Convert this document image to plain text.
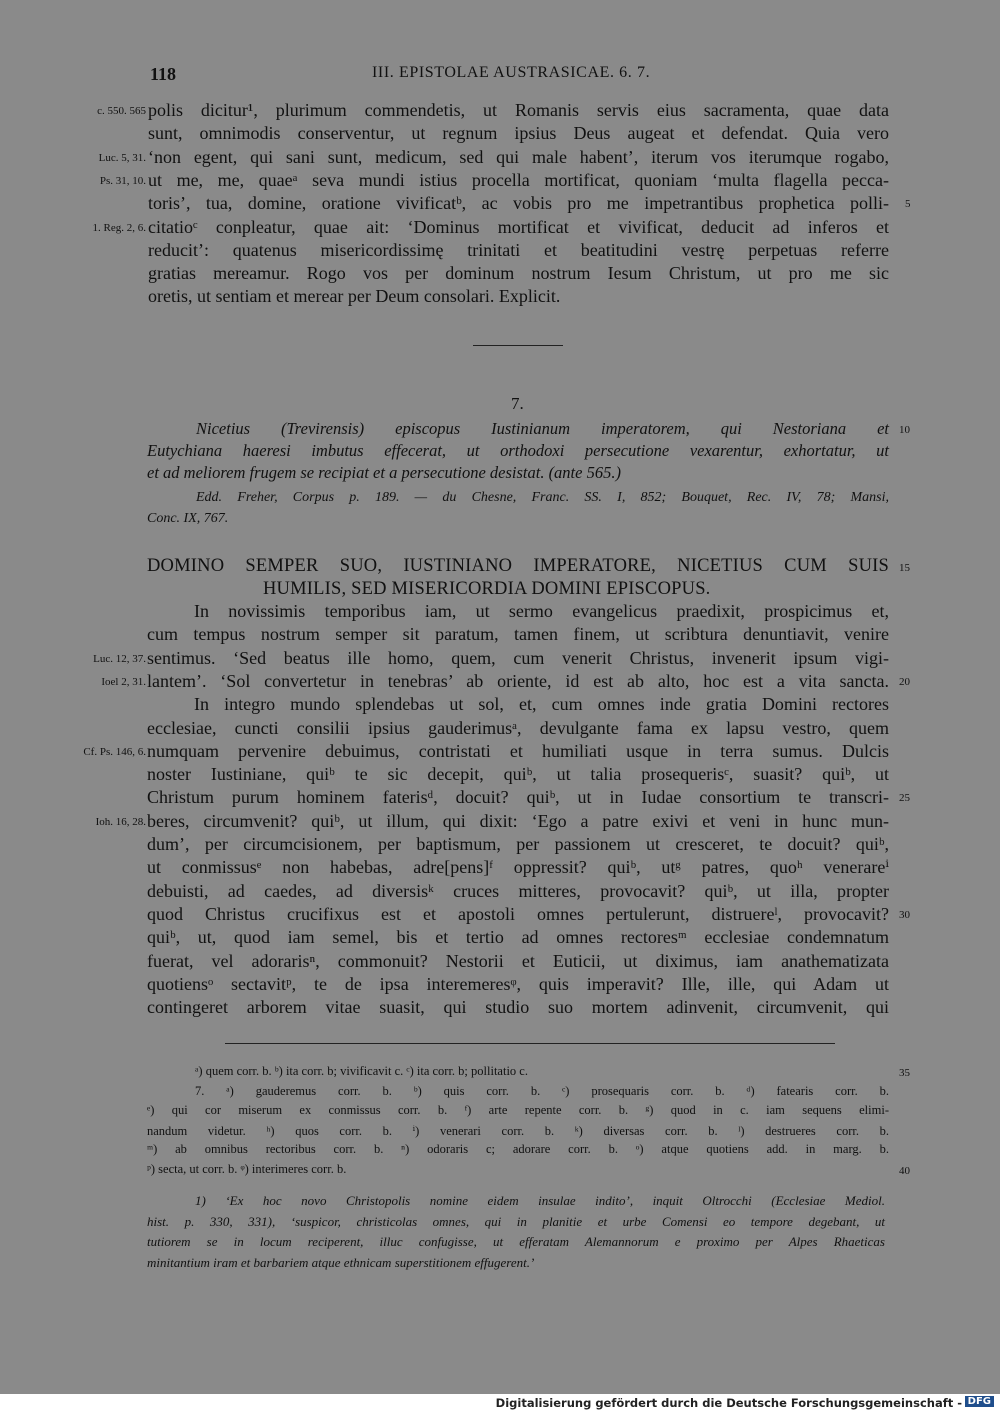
118	III. EPISTOLAE AUSTRASICAE. 6. 7.
c. 550. 565 polis dicitur¹, plurimum commendetis, ut Romanis servis eius sacramenta, quae data
sunt, omnimodis conserventur, ut regnum ipsius Deus augeat et defendat. Quia vero
Luc. 5, 31. ‘non egent, qui sani sunt, medicum, sed qui male habent’, iterum vos iterumque rogabo,
Ps. 31, 10. ut me, me, quaeᵃ seva mundi istius procella mortificat, quoniam ‘multa flagella pecca-
torisʼ, tua, domine, oratione vivificatᵇ, ac vobis pro me impetrantibus prophetica polli- 5
1. Reg. 2, 6. citatioᶜ conpleatur, quae ait: ‘Dominus mortificat et vivificat, deducit ad inferos et
reducit’: quatenus misericordissimę trinitati et beatitudini vestrę perpetuas referre
gratias mereamur. Rogo vos per dominum nostrum Iesum Christum, ut pro me sic
oretis, ut sentiam et merear per Deum consolari. Explicit.
7.
Nicetius (Trevirensis) episcopus Iustinianum imperatorem, qui Nestoriana et
Eutychiana haeresi imbutus effecerat, ut orthodoxi persecutione vexarentur, exhortatur, ut
et ad meliorem frugem se recipiat et a persecutione desistat. (ante 565.)
10
Edd. Freher, Corpus p. 189. — du Chesne, Franc. SS. I, 852; Bouquet, Rec. IV, 78; Mansi,
Conc. IX, 767.
DOMINO SEMPER SUO, IUSTINIANO IMPERATORE, NICETIUS CUM SUIS 15
HUMILIS, SED MISERICORDIA DOMINI EPISCOPUS.
In novissimis temporibus iam, ut sermo evangelicus praedixit, prospicimus et,
cum tempus nostrum semper sit paratum, tamen finem, ut scribtura denuntiavit, venire
Luc. 12, 37. sentimus. ‘Sed beatus ille homo, quem, cum venerit Christus, invenerit ipsum vigi-
Ioel 2, 31. lantem’. ‘Sol convertetur in tenebras’ ab oriente, id est ab alto, hoc est a vita sancta. 20
In integro mundo splendebas ut sol, et, cum omnes inde gratia Domini rectores
ecclesiae, cuncti consilii ipsius gauderimusᵃ, devulgante fama ex lapsu vestro, quem
Cf. Ps. 146, 6. numquam pervenire debuimus, contristati et humiliati usque in terra sumus. Dulcis
noster Iustiniane, quiᵇ te sic decepit, quiᵇ, ut talia prosequerisᶜ, suasit? quiᵇ, ut
Christum purum hominem faterisᵈ, docuit? quiᵇ, ut in Iudae consortium te transcri- 25
Ioh. 16, 28. beres, circumvenit? quiᵇ, ut illum, qui dixit: ‘Ego a patre exivi et veni in hunc mun-
dum’, per circumcisionem, per baptismum, per passionem ut cresceret, te docuit? quiᵇ,
ut conmissusᵉ non habebas, adre[pens]ᶠ oppressit? quiᵇ, utᵍ patres, quoʰ venerareⁱ
debuisti, ad caedes, ad diversisᵏ cruces mitteres, provocavit? quiᵇ, ut illa, propter
quod Christus crucifixus est et apostoli omnes pertulerunt, distruereˡ, provocavit? 30
quiᵇ, ut, quod iam semel, bis et tertio ad omnes rectoresᵐ ecclesiae condemnatum
fuerat, vel adorarisⁿ, commonuit? Nestorii et Euticii, ut diximus, iam anathematizata
quotiensᵒ sectavitᵖ, te de ipsa interemeresᵠ, quis imperavit? Ille, ille, qui Adam ut
contingeret arborem vitae suasit, qui studio suo mortem adinvenit, circumvenit, qui
ᵃ) quem corr. b. ᵇ) ita corr. b; vivificavit c. ᶜ) ita corr. b; pollitatio c.	35
7. ᵃ) gauderemus corr. b. ᵇ) quis corr. b. ᶜ) prosequaris corr. b. ᵈ) fatearis corr. b.
ᵉ) qui cor miserum ex conmissus corr. b. ᶠ) arte repente corr. b. ᵍ) quod in c. iam sequens elimi-
nandum videtur. ʰ) quos corr. b. ⁱ) venerari corr. b. ᵏ) diversas corr. b. ˡ) destrueres corr. b.
ᵐ) ab omnibus rectoribus corr. b. ⁿ) odoraris c; adorare corr. b. ᵒ) atque quotiens add. in marg. b.
ᵖ) secta, ut corr. b. ᵠ) interimeres corr. b.	40
1) ‘Ex hoc novo Christopolis nomine eidem insulae indito’, inquit Oltrocchi (Ecclesiae Mediol.
hist. p. 330, 331), ‘suspicor, christicolas omnes, qui in planitie et urbe Comensi eo tempore degebant, ut
tutiorem se in locum reciperent, illuc confugisse, ut efferatam Alemannorum e proximo per Alpes Rhaeticas
minitantium iram et barbariem atque ethnicam superstitionem effugerent.’
Digitalisierung gefördert durch die Deutsche Forschungsgemeinschaft - DFG
